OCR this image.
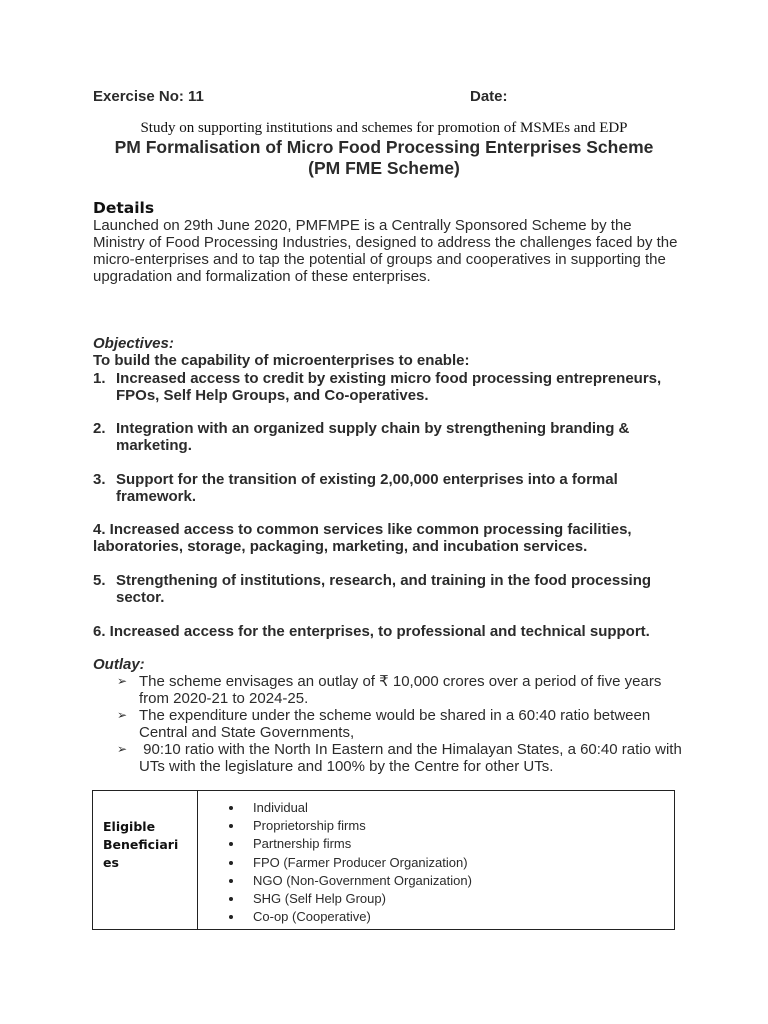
Exercise No: 11	Date:
Study on supporting institutions and schemes for promotion of MSMEs and EDP
PM Formalisation of Micro Food Processing Enterprises Scheme
(PM FME Scheme)
Details

Launched on 29th June 2020, PMFMPE is a Centrally Sponsored Scheme by the Ministry of Food Processing Industries, designed to address the challenges faced by the micro-enterprises and to tap the potential of groups and cooperatives in supporting the upgradation and formalization of these enterprises.

Objectives:
To build the capability of microenterprises to enable:
1. Increased access to credit by existing micro food processing entrepreneurs, FPOs, Self Help Groups, and Co-operatives.
2. Integration with an organized supply chain by strengthening branding & marketing.
3. Support for the transition of existing 2,00,000 enterprises into a formal framework.
4. Increased access to common services like common processing facilities, laboratories, storage, packaging, marketing, and incubation services.
5. Strengthening of institutions, research, and training in the food processing sector.
6. Increased access for the enterprises, to professional and technical support.
Outlay:
➢ The scheme envisages an outlay of ₹ 10,000 crores over a period of five years from 2020-21 to 2024-25.
➢ The expenditure under the scheme would be shared in a 60:40 ratio between Central and State Governments,
➢ 90:10 ratio with the North In Eastern and the Himalayan States, a 60:40 ratio with UTs with the legislature and 100% by the Centre for other UTs.
Eligible
Beneficiari
es
Individual
Proprietorship firms
Partnership firms
FPO (Farmer Producer Organization)
NGO (Non-Government Organization)
SHG (Self Help Group)
Co-op (Cooperative)
